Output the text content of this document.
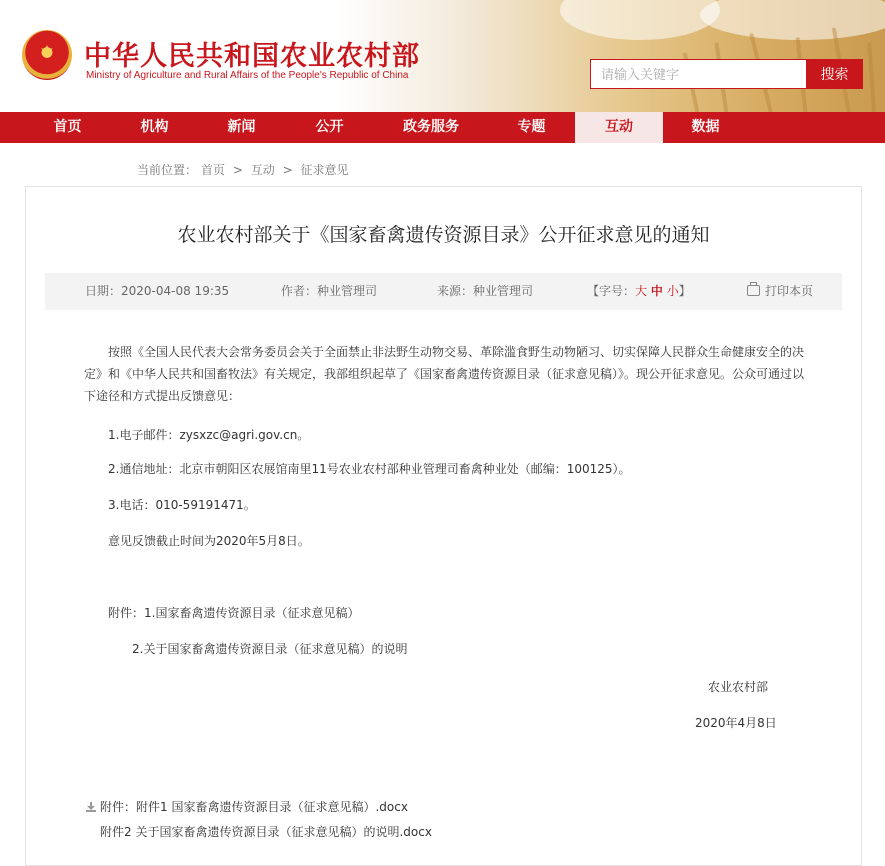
中华人民共和国农业农村部
Ministry of Agriculture and Rural Affairs of the People's Republic of China
请输入关键字	搜索
首页	机构	新闻	公开	政务服务	专题	互动	数据
当前位置： 首页 > 互动 > 征求意见
农业农村部关于《国家畜禽遗传资源目录》公开征求意见的通知
日期：2020-04-08 19:35	作者：种业管理司	来源：种业管理司	【字号：大 中 小】	打印本页
按照《全国人民代表大会常务委员会关于全面禁止非法野生动物交易、革除滥食野生动物陋习、切实保障人民群众生命健康安全的决定》和《中华人民共和国畜牧法》有关规定，我部组织起草了《国家畜禽遗传资源目录（征求意见稿）》。现公开征求意见。公众可通过以下途径和方式提出反馈意见：
1.电子邮件：zysxzc@agri.gov.cn。
2.通信地址：北京市朝阳区农展馆南里11号农业农村部种业管理司畜禽种业处（邮编：100125）。
3.电话：010-59191471。
意见反馈截止时间为2020年5月8日。
附件：1.国家畜禽遗传资源目录（征求意见稿）
2.关于国家畜禽遗传资源目录（征求意见稿）的说明
农业农村部
2020年4月8日
附件：附件1 国家畜禽遗传资源目录（征求意见稿）.docx
附件2 关于国家畜禽遗传资源目录（征求意见稿）的说明.docx
